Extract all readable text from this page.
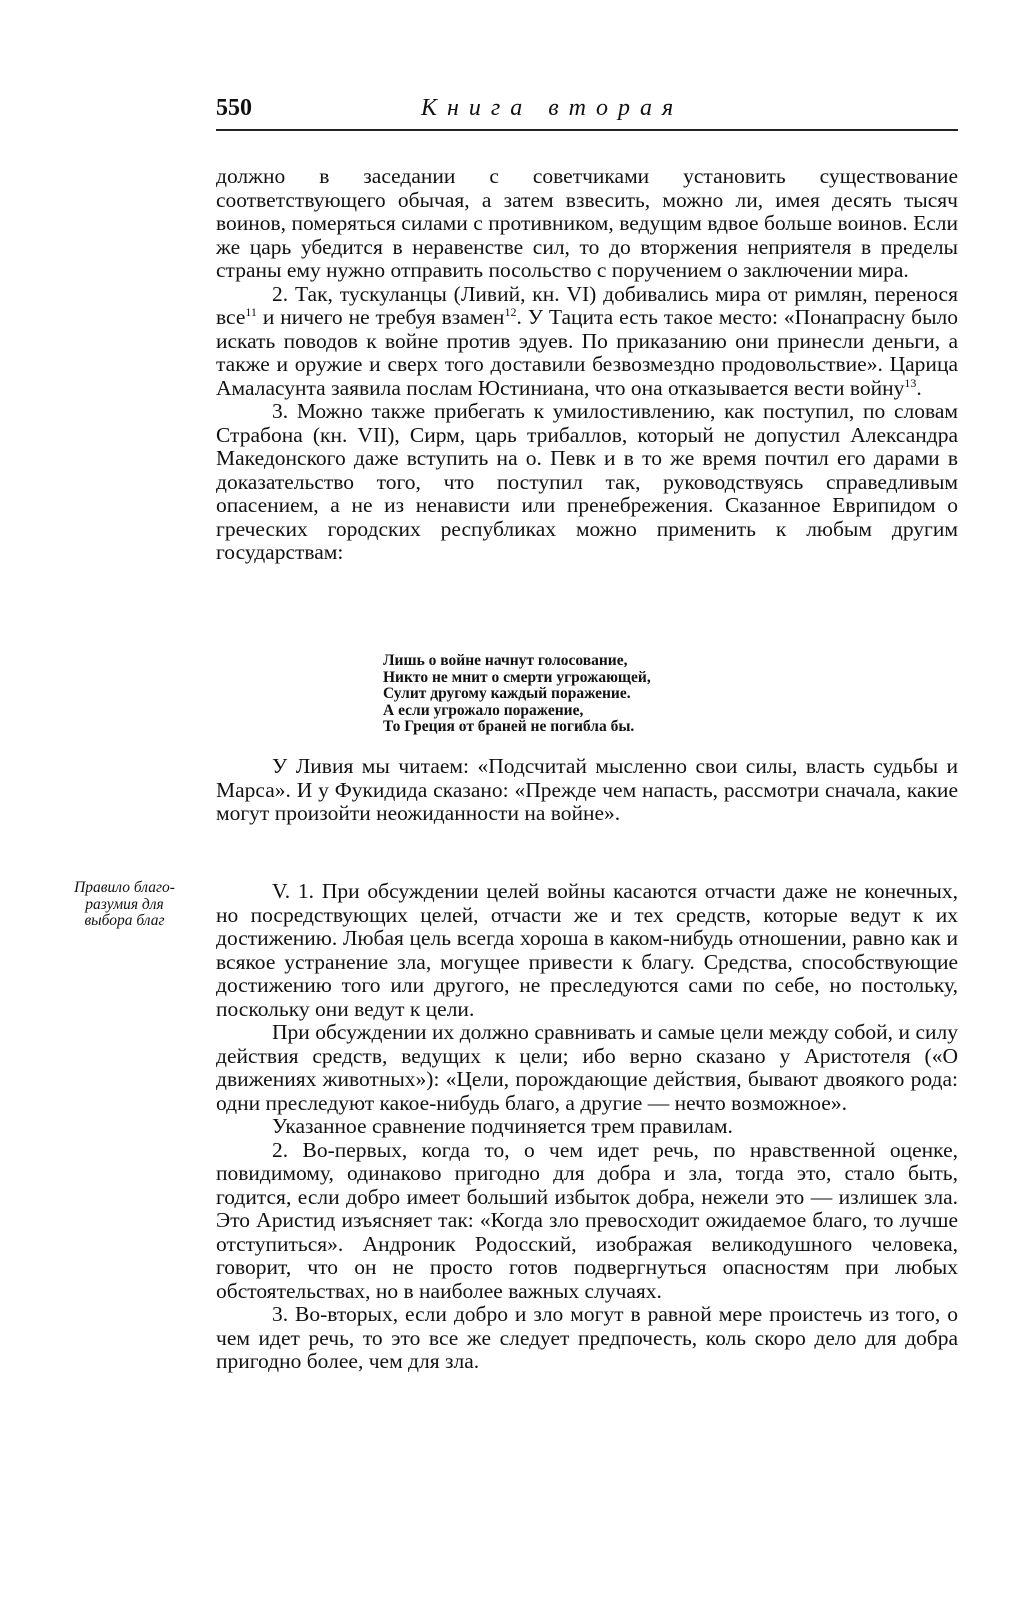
550	Книга вторая

должно в заседании с советчиками установить существование соответствующего обычая, а затем взвесить, можно ли, имея десять тысяч воинов, померяться силами с противником, ведущим вдвое больше воинов. Если же царь убедится в неравенстве сил, то до вторжения неприятеля в пределы страны ему нужно отправить посольство с поручением о заключении мира.

2. Так, тускуланцы (Ливий, кн. VI) добивались мира от римлян, перенося все$^{11}$ и ничего не требуя взамен$^{12}$. У Тацита есть такое место: «Понапрасну было искать поводов к войне против эдуев. По приказанию они принесли деньги, а также и оружие и сверх того доставили безвозмездно продовольствие». Царица Амаласунта заявила послам Юстиниана, что она отказывается вести войну$^{13}$.

3. Можно также прибегать к умилостивлению, как поступил, по словам Страбона (кн. VII), Сирм, царь трибаллов, который не допустил Александра Македонского даже вступить на о. Певк и в то же время почтил его дарами в доказательство того, что поступил так, руководствуясь справедливым опасением, а не из ненависти или пренебрежения. Сказанное Еврипидом о греческих городских республиках можно применить к любым другим государствам:

Лишь о войне начнут голосование,
Никто не мнит о смерти угрожающей,
Сулит другому каждый поражение.
А если угрожало поражение,
То Греция от браней не погибла бы.

У Ливия мы читаем: «Подсчитай мысленно свои силы, власть судьбы и Марса». И у Фукидида сказано: «Прежде чем напасть, рассмотри сначала, какие могут произойти неожиданности на войне».

Правило благо-
разумия для
выбора благ

V. 1. При обсуждении целей войны касаются отчасти даже не конечных, но посредствующих целей, отчасти же и тех средств, которые ведут к их достижению. Любая цель всегда хороша в каком-нибудь отношении, равно как и всякое устранение зла, могущее привести к благу. Средства, способствующие достижению того или другого, не преследуются сами по себе, но постольку, поскольку они ведут к цели.

При обсуждении их должно сравнивать и самые цели между собой, и силу действия средств, ведущих к цели; ибо верно сказано у Аристотеля («О движениях животных»): «Цели, порождающие действия, бывают двоякого рода: одни преследуют какое-нибудь благо, а другие — нечто возможное».

Указанное сравнение подчиняется трем правилам.

2. Во-первых, когда то, о чем идет речь, по нравственной оценке, повидимому, одинаково пригодно для добра и зла, тогда это, стало быть, годится, если добро имеет больший избыток добра, нежели это — излишек зла. Это Аристид изъясняет так: «Когда зло превосходит ожидаемое благо, то лучше отступиться». Андроник Родосский, изображая великодушного человека, говорит, что он не просто готов подвергнуться опасностям при любых обстоятельствах, но в наиболее важных случаях.

3. Во-вторых, если добро и зло могут в равной мере проистечь из того, о чем идет речь, то это все же следует предпочесть, коль скоро дело для добра пригодно более, чем для зла.
